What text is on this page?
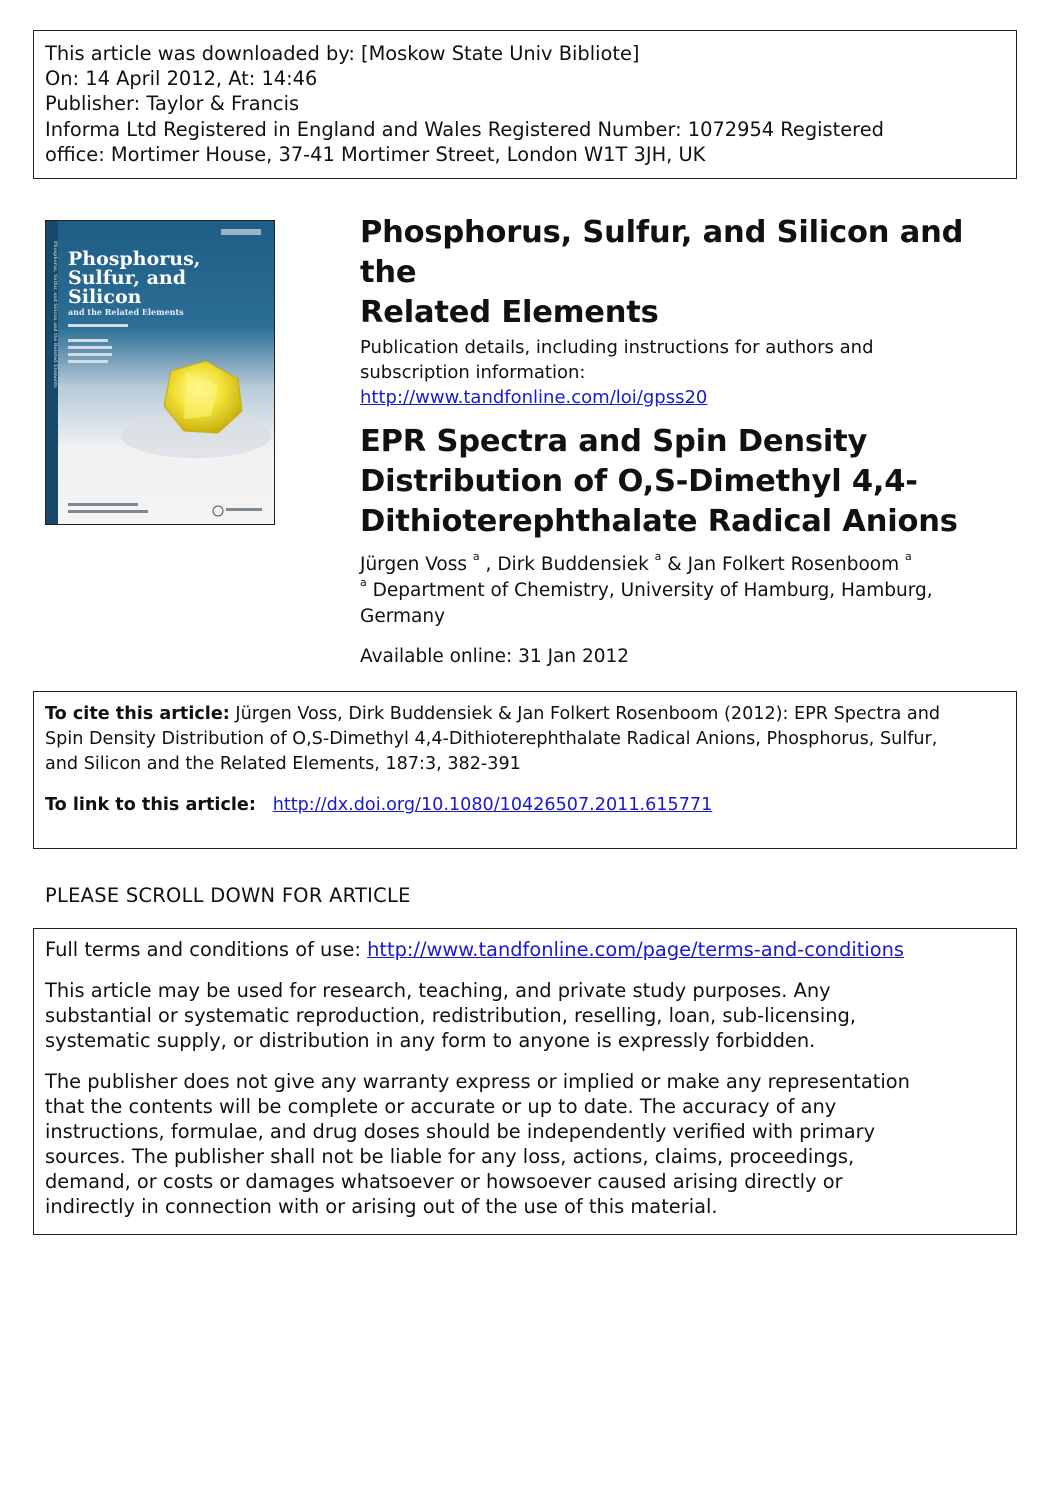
This article was downloaded by: [Moskow State Univ Bibliote]
On: 14 April 2012, At: 14:46
Publisher: Taylor & Francis
Informa Ltd Registered in England and Wales Registered Number: 1072954 Registered
office: Mortimer House, 37-41 Mortimer Street, London W1T 3JH, UK
Phosphorus, Sulfur, and Silicon and the Related Elements Phosphorus,
Sulfur, and
Silicon
and the Related Elements
Phosphorus, Sulfur, and Silicon and the
Related Elements
Publication details, including instructions for authors and
subscription information:
http://www.tandfonline.com/loi/gpss20
EPR Spectra and Spin Density
Distribution of O,S-Dimethyl 4,4-
Dithioterephthalate Radical Anions
Jürgen Voss $^a$ , Dirk Buddensiek $^a$ & Jan Folkert Rosenboom $^a$
$^a$ Department of Chemistry, University of Hamburg, Hamburg,
Germany
Available online: 31 Jan 2012
To cite this article: Jürgen Voss, Dirk Buddensiek & Jan Folkert Rosenboom (2012): EPR Spectra and
Spin Density Distribution of O,S-Dimethyl 4,4-Dithioterephthalate Radical Anions, Phosphorus, Sulfur,
and Silicon and the Related Elements, 187:3, 382-391
To link to this article: http://dx.doi.org/10.1080/10426507.2011.615771
PLEASE SCROLL DOWN FOR ARTICLE

Full terms and conditions of use: http://www.tandfonline.com/page/terms-and-conditions

This article may be used for research, teaching, and private study purposes. Any
substantial or systematic reproduction, redistribution, reselling, loan, sub-licensing,
systematic supply, or distribution in any form to anyone is expressly forbidden.

The publisher does not give any warranty express or implied or make any representation
that the contents will be complete or accurate or up to date. The accuracy of any
instructions, formulae, and drug doses should be independently verified with primary
sources. The publisher shall not be liable for any loss, actions, claims, proceedings,
demand, or costs or damages whatsoever or howsoever caused arising directly or
indirectly in connection with or arising out of the use of this material.
